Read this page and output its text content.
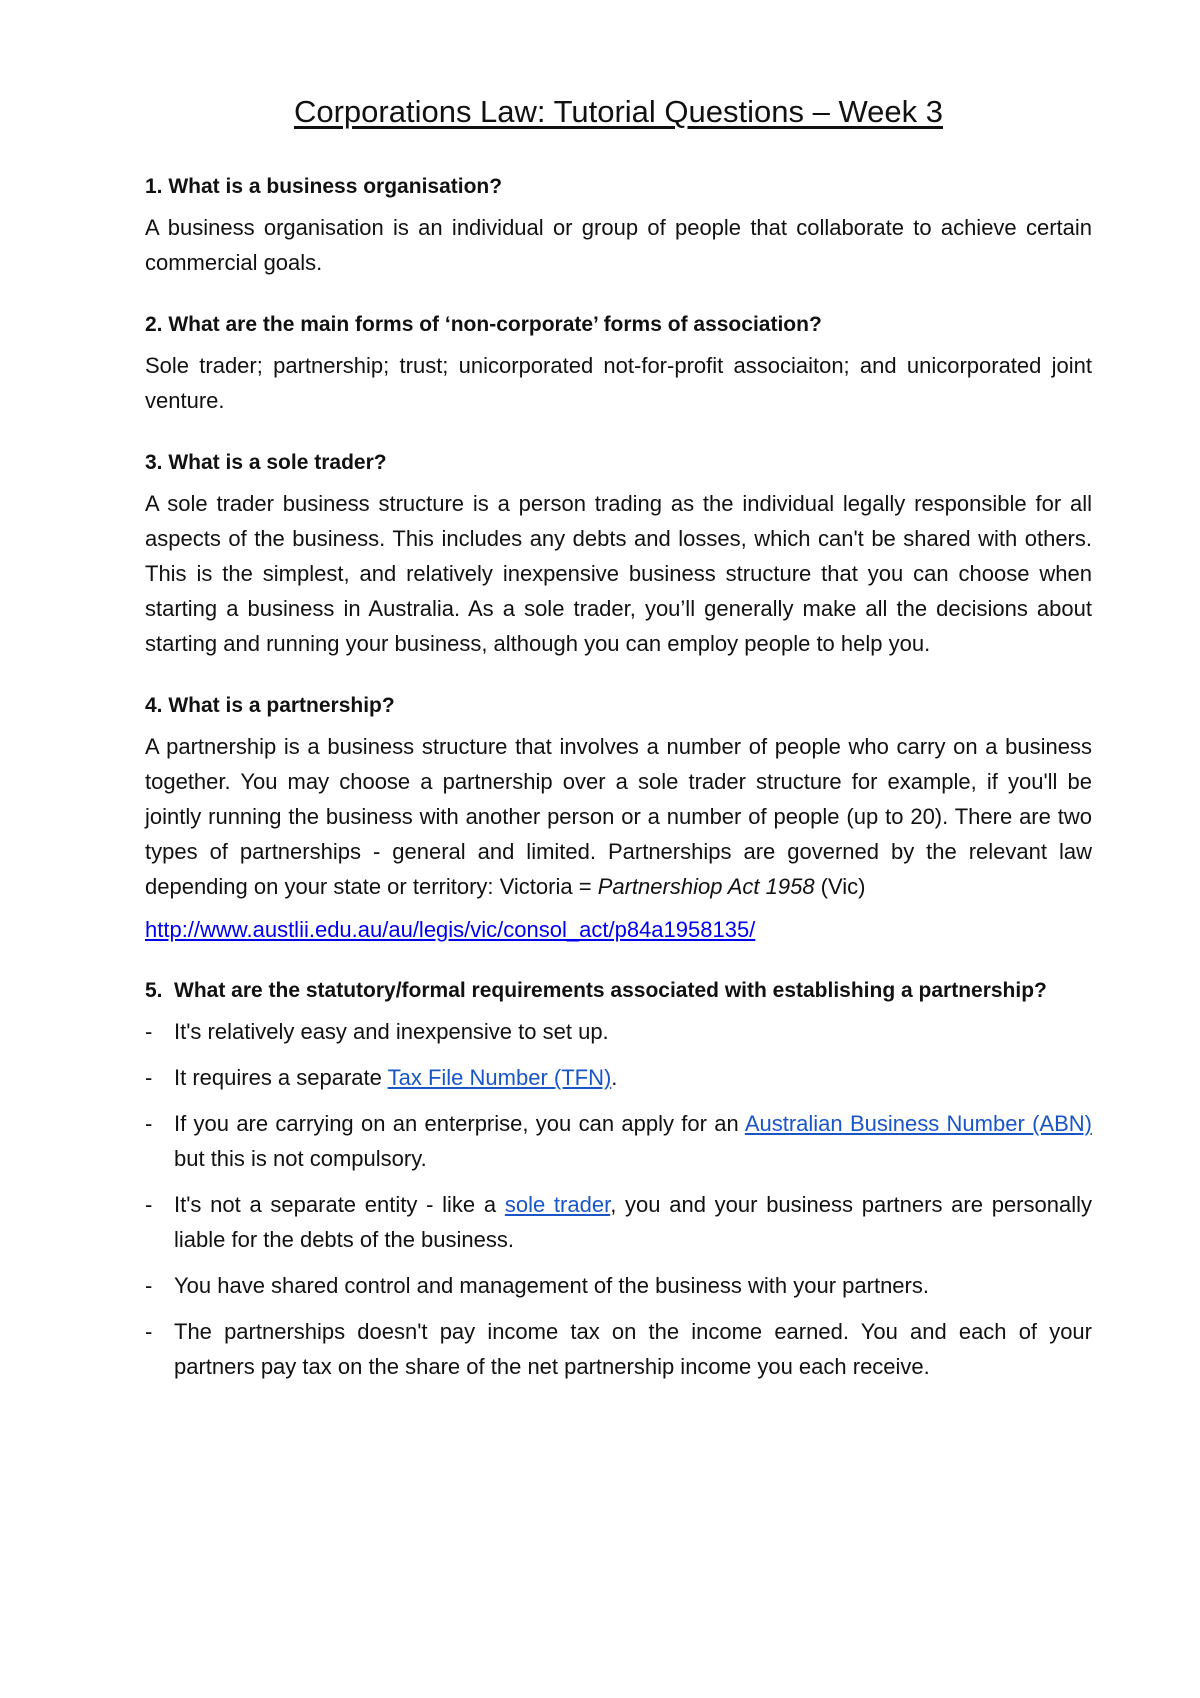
Corporations Law: Tutorial Questions – Week 3

1. What is a business organisation?

A business organisation is an individual or group of people that collaborate to achieve certain commercial goals.

2. What are the main forms of ‘non-corporate’ forms of association?

Sole trader; partnership; trust; unicorporated not-for-profit associaiton; and unicorporated joint venture.

3. What is a sole trader?

A sole trader business structure is a person trading as the individual legally responsible for all aspects of the business. This includes any debts and losses, which can't be shared with others. This is the simplest, and relatively inexpensive business structure that you can choose when starting a business in Australia. As a sole trader, you’ll generally make all the decisions about starting and running your business, although you can employ people to help you.

4. What is a partnership?

A partnership is a business structure that involves a number of people who carry on a business together. You may choose a partnership over a sole trader structure for example, if you'll be jointly running the business with another person or a number of people (up to 20). There are two types of partnerships - general and limited. Partnerships are governed by the relevant law depending on your state or territory: Victoria = Partnershiop Act 1958 (Vic)

http://www.austlii.edu.au/au/legis/vic/consol_act/p84a1958135/

5. What are the statutory/formal requirements associated with establishing a partnership?
- It's relatively easy and inexpensive to set up.
- It requires a separate Tax File Number (TFN).
- If you are carrying on an enterprise, you can apply for an Australian Business Number (ABN) but this is not compulsory.
- It's not a separate entity - like a sole trader, you and your business partners are personally liable for the debts of the business.
- You have shared control and management of the business with your partners.
- The partnerships doesn't pay income tax on the income earned. You and each of your partners pay tax on the share of the net partnership income you each receive.
